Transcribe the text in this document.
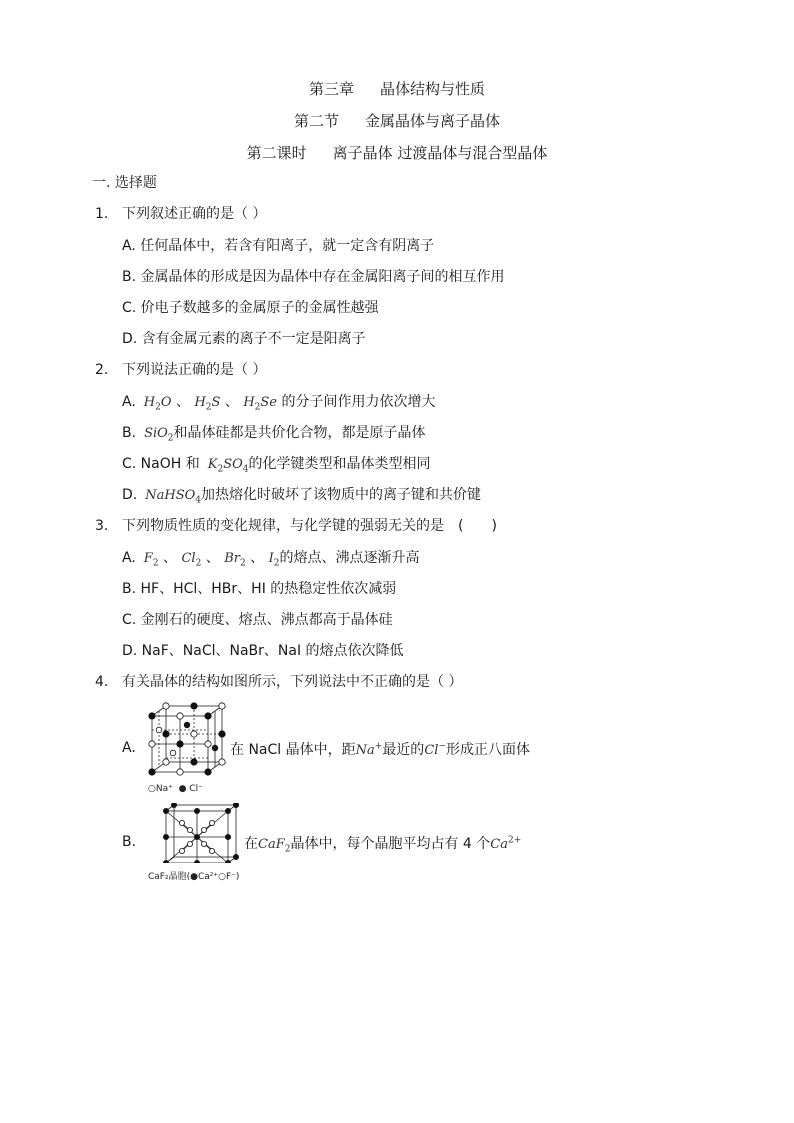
第三章 晶体结构与性质
第二节 金属晶体与离子晶体
第二课时 离子晶体 过渡晶体与混合型晶体
一. 选择题
1. 下列叙述正确的是（ ）
A. 任何晶体中，若含有阳离子，就一定含有阴离子
B. 金属晶体的形成是因为晶体中存在金属阳离子间的相互作用
C. 价电子数越多的金属原子的金属性越强
D. 含有金属元素的离子不一定是阳离子
2. 下列说法正确的是（ ）
A. $H_2O$ 、 $H_2S$ 、 $H_2Se$ 的分子间作用力依次增大
B. SiO$_2$和晶体硅都是共价化合物，都是原子晶体
C. NaOH 和 $K_2SO_4$的化学键类型和晶体类型相同
D. NaHSO$_4$加热熔化时破坏了该物质中的离子键和共价键
3. 下列物质性质的变化规律，与化学键的强弱无关的是　(　　)
A. $F_2$ 、 $Cl_2$ 、 $Br_2$ 、 $I_2$的熔点、沸点逐渐升高
B. HF、HCl、HBr、HI 的热稳定性依次减弱
C. 金刚石的硬度、熔点、沸点都高于晶体硅
D. NaF、NaCl、NaBr、NaI 的熔点依次降低
4. 有关晶体的结构如图所示，下列说法中不正确的是（ ）
A.
○Na⁺ ● Cl⁻
在 NaCl 晶体中，距Na+最近的Cl−形成正八面体
B.
CaF₂晶胞(●Ca²⁺○F⁻)
在CaF$_2$晶体中，每个晶胞平均占有 4 个$Ca^{2+}$
